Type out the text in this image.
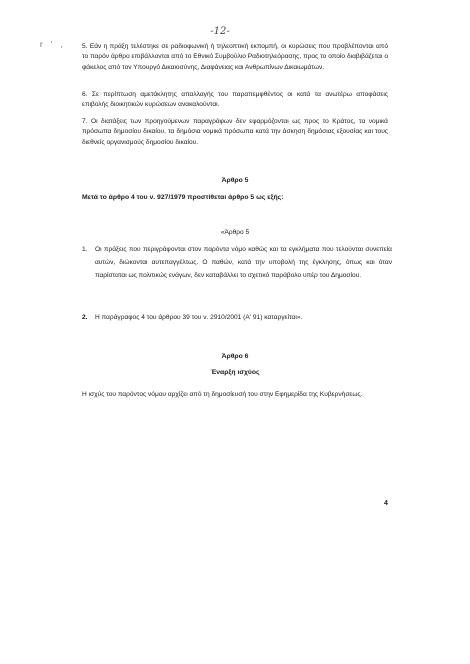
r ' ,
-12-

5. Εάν η πράξη τελέστηκε σε ραδιοφωνική ή τηλεοπτική εκπομπή, οι κυρώσεις που προβλέπονται από το παρόν άρθρο επιβάλλονται από το Εθνικό Συμβούλιο Ραδιοτηλεόρασης, προς το οποίο διαβιβάζεται ο φάκελος από τον Υπουργό Δικαιοσύνης, Διαφάνειας και Ανθρωπίνων Δικαιωμάτων.

6. Σε περίπτωση αμετάκλητης απαλλαγής του παραπεμφθέντος οι κατά τα ανωτέρω αποφάσεις επιβολής διοικητικών κυρώσεων ανακαλούνται.

7. Οι διατάξεις των προηγούμενων παραγράφων δεν εφαρμόζονται ως προς το Κράτος, τα νομικά πρόσωπα δημοσίου δικαίου, τα δημόσια νομικά πρόσωπα κατά την άσκηση δημόσιας εξουσίας και τους διεθνείς οργανισμούς δημοσίου δικαίου.

Άρθρο 5

Μετά το άρθρο 4 του ν. 927/1979 προστίθεται άρθρο 5 ως εξής:

«Άρθρο 5

1. Οι πράξεις που περιγράφονται στον παρόντα νόμο καθώς και τα εγκλήματα που τελούνται συνεπεία αυτών, διώκονται αυτεπαγγέλτως. Ο παθών, κατά την υποβολή της έγκλησης, όπως και όταν παρίσταται ως πολιτικώς ενάγων, δεν καταβάλλει το σχετικό παράβολο υπέρ του Δημοσίου.
2. Η παράγραφος 4 του άρθρου 39 του ν. 2910/2001 (Α' 91) καταργείται».

Άρθρο 6

Έναρξη ισχύος

Η ισχύς του παρόντος νόμου αρχίζει από τη δημοσίευσή του στην Εφημερίδα της Κυβερνήσεως.

4
